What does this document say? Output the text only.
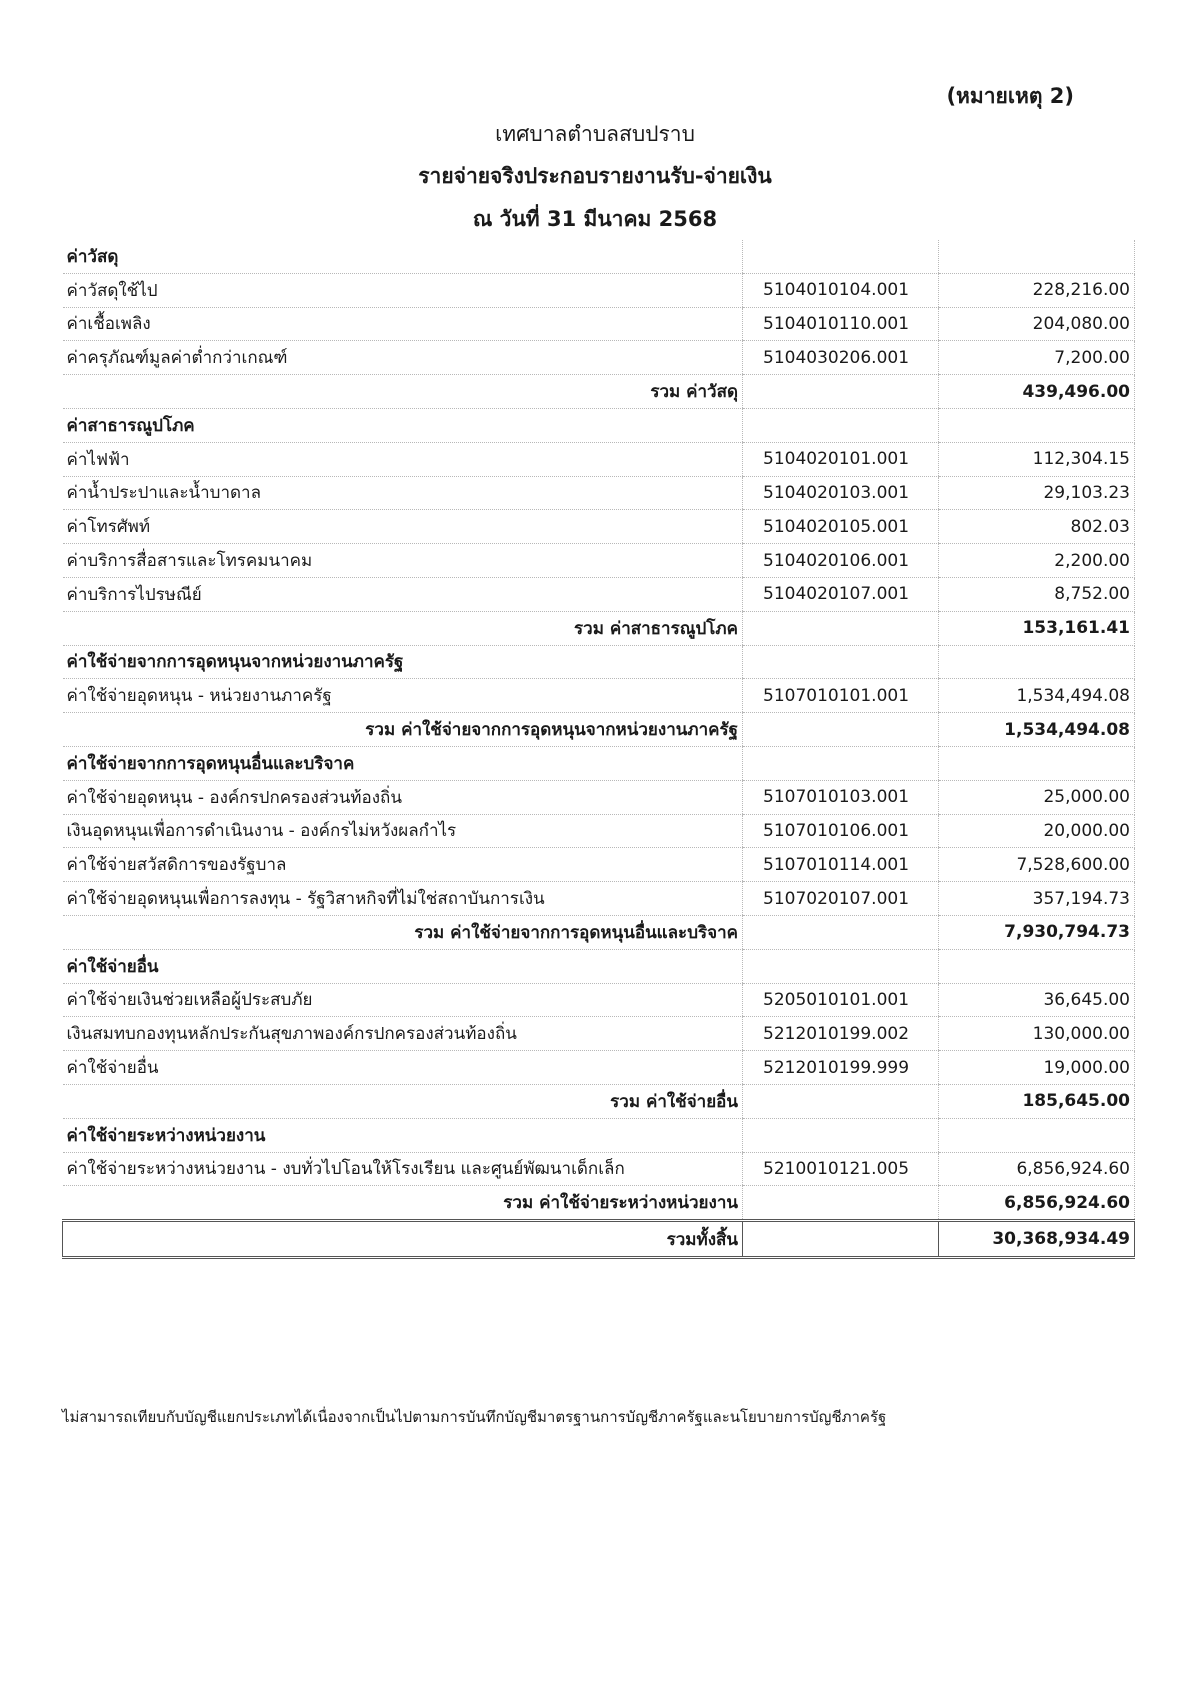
(หมายเหตุ 2)
เทศบาลตำบลสบปราบ
รายจ่ายจริงประกอบรายงานรับ-จ่ายเงิน
ณ วันที่ 31 มีนาคม 2568
ค่าวัสดุ		
ค่าวัสดุใช้ไป	5104010104.001	228,216.00
ค่าเชื้อเพลิง	5104010110.001	204,080.00
ค่าครุภัณฑ์มูลค่าต่ำกว่าเกณฑ์	5104030206.001	7,200.00
รวม ค่าวัสดุ		439,496.00
ค่าสาธารณูปโภค		
ค่าไฟฟ้า	5104020101.001	112,304.15
ค่าน้ำประปาและน้ำบาดาล	5104020103.001	29,103.23
ค่าโทรศัพท์	5104020105.001	802.03
ค่าบริการสื่อสารและโทรคมนาคม	5104020106.001	2,200.00
ค่าบริการไปรษณีย์	5104020107.001	8,752.00
รวม ค่าสาธารณูปโภค		153,161.41
ค่าใช้จ่ายจากการอุดหนุนจากหน่วยงานภาครัฐ		
ค่าใช้จ่ายอุดหนุน - หน่วยงานภาครัฐ	5107010101.001	1,534,494.08
รวม ค่าใช้จ่ายจากการอุดหนุนจากหน่วยงานภาครัฐ		1,534,494.08
ค่าใช้จ่ายจากการอุดหนุนอื่นและบริจาค		
ค่าใช้จ่ายอุดหนุน - องค์กรปกครองส่วนท้องถิ่น	5107010103.001	25,000.00
เงินอุดหนุนเพื่อการดำเนินงาน - องค์กรไม่หวังผลกำไร	5107010106.001	20,000.00
ค่าใช้จ่ายสวัสดิการของรัฐบาล	5107010114.001	7,528,600.00
ค่าใช้จ่ายอุดหนุนเพื่อการลงทุน - รัฐวิสาหกิจที่ไม่ใช่สถาบันการเงิน	5107020107.001	357,194.73
รวม ค่าใช้จ่ายจากการอุดหนุนอื่นและบริจาค		7,930,794.73
ค่าใช้จ่ายอื่น		
ค่าใช้จ่ายเงินช่วยเหลือผู้ประสบภัย	5205010101.001	36,645.00
เงินสมทบกองทุนหลักประกันสุขภาพองค์กรปกครองส่วนท้องถิ่น	5212010199.002	130,000.00
ค่าใช้จ่ายอื่น	5212010199.999	19,000.00
รวม ค่าใช้จ่ายอื่น		185,645.00
ค่าใช้จ่ายระหว่างหน่วยงาน		
ค่าใช้จ่ายระหว่างหน่วยงาน - งบทั่วไปโอนให้โรงเรียน และศูนย์พัฒนาเด็กเล็ก	5210010121.005	6,856,924.60
รวม ค่าใช้จ่ายระหว่างหน่วยงาน		6,856,924.60
รวมทั้งสิ้น		30,368,934.49
ไม่สามารถเทียบกับบัญชีแยกประเภทได้เนื่องจากเป็นไปตามการบันทึกบัญชีมาตรฐานการบัญชีภาครัฐและนโยบายการบัญชีภาครัฐ
